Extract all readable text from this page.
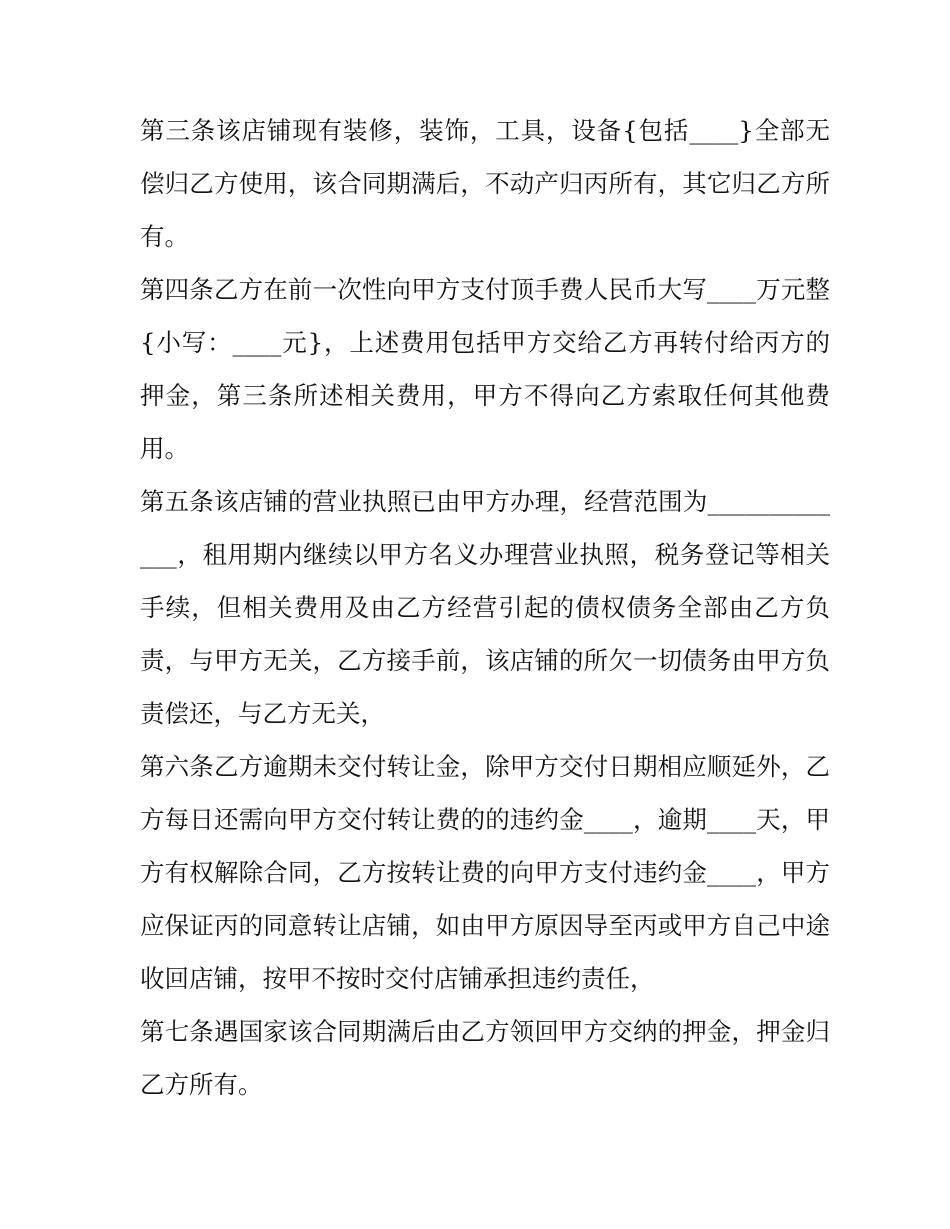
第三条该店铺现有装修，装饰，工具，设备{包括____}全部无偿归乙方使用，该合同期满后，不动产归丙所有，其它归乙方所有。

第四条乙方在前一次性向甲方支付顶手费人民币大写____万元整{小写：____元}，上述费用包括甲方交给乙方再转付给丙方的押金，第三条所述相关费用，甲方不得向乙方索取任何其他费用。

第五条该店铺的营业执照已由甲方办理，经营范围为_____________，租用期内继续以甲方名义办理营业执照，税务登记等相关手续，但相关费用及由乙方经营引起的债权债务全部由乙方负责，与甲方无关，乙方接手前，该店铺的所欠一切债务由甲方负责偿还，与乙方无关，

第六条乙方逾期未交付转让金，除甲方交付日期相应顺延外，乙方每日还需向甲方交付转让费的的违约金____，逾期____天，甲方有权解除合同，乙方按转让费的向甲方支付违约金____，甲方应保证丙的同意转让店铺，如由甲方原因导至丙或甲方自己中途收回店铺，按甲不按时交付店铺承担违约责任，

第七条遇国家该合同期满后由乙方领回甲方交纳的押金，押金归乙方所有。
